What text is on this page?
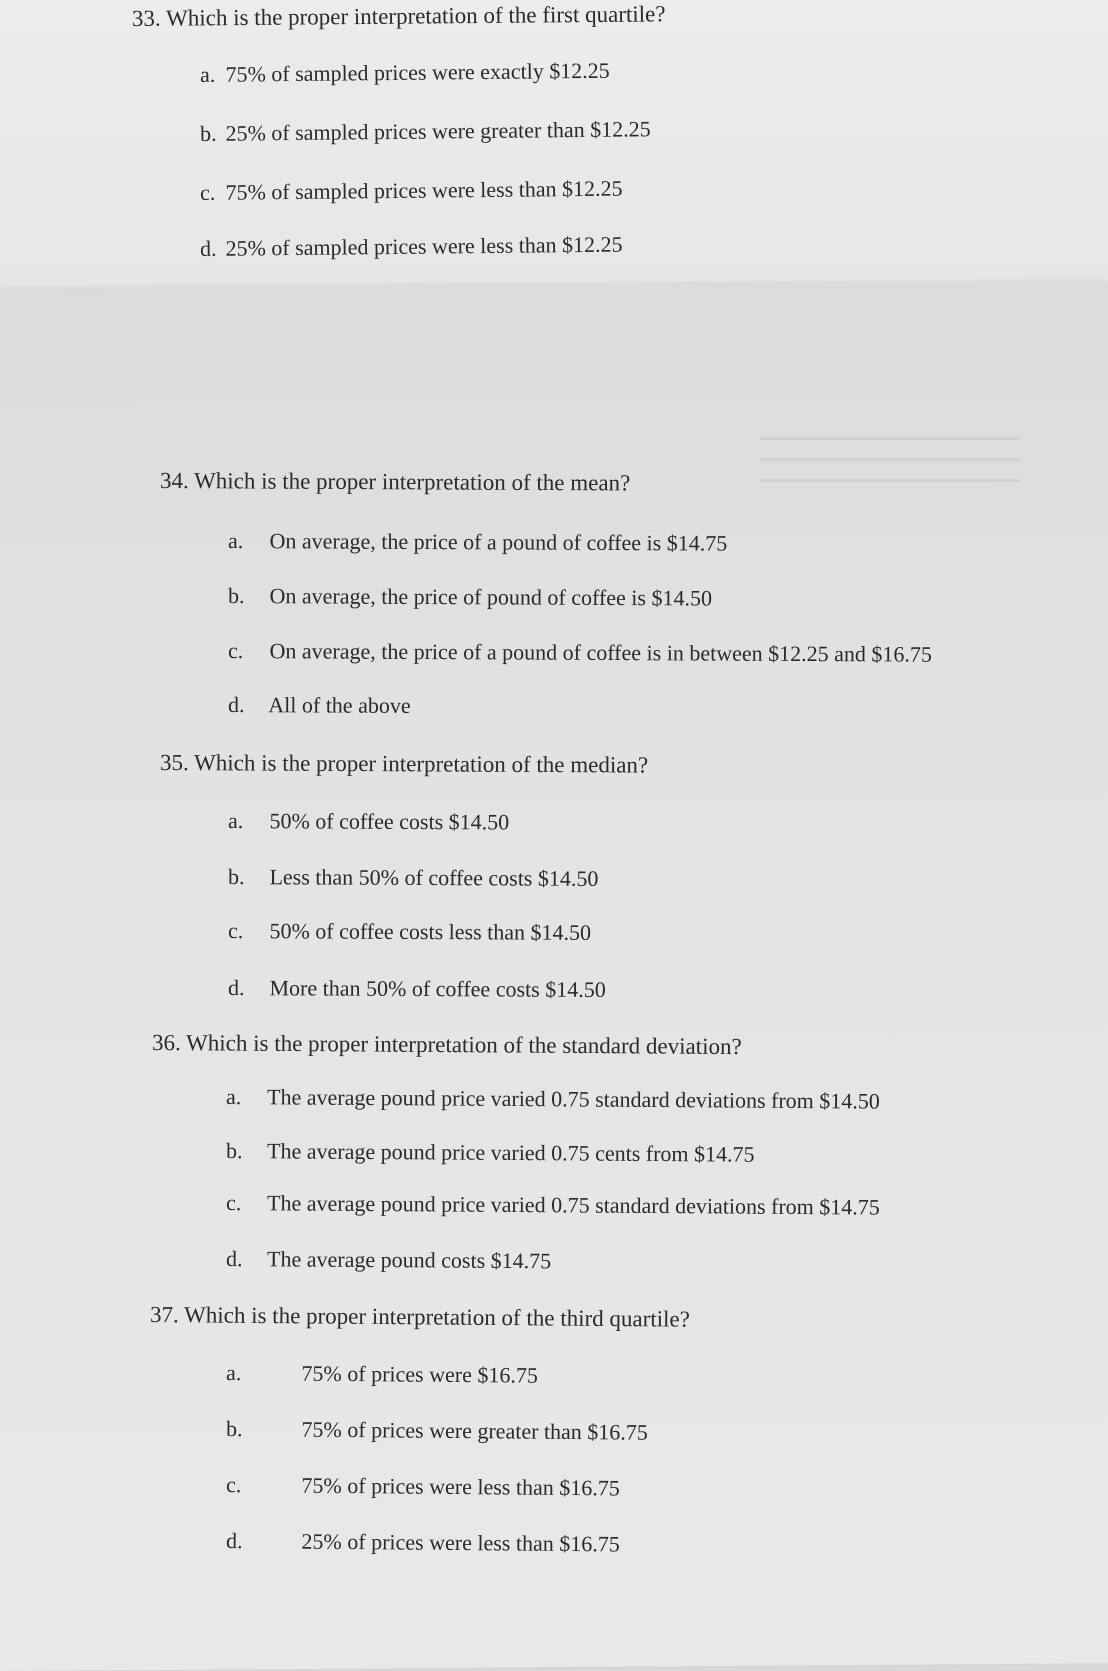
33. Which is the proper interpretation of the first quartile?
a. 75% of sampled prices were exactly $12.25
b. 25% of sampled prices were greater than $12.25
c. 75% of sampled prices were less than $12.25
d. 25% of sampled prices were less than $12.25
34. Which is the proper interpretation of the mean?
a. On average, the price of a pound of coffee is $14.75
b. On average, the price of pound of coffee is $14.50
c. On average, the price of a pound of coffee is in between $12.25 and $16.75
d. All of the above
35. Which is the proper interpretation of the median?
a. 50% of coffee costs $14.50
b. Less than 50% of coffee costs $14.50
c. 50% of coffee costs less than $14.50
d. More than 50% of coffee costs $14.50
36. Which is the proper interpretation of the standard deviation?
a. The average pound price varied 0.75 standard deviations from $14.50
b. The average pound price varied 0.75 cents from $14.75
c. The average pound price varied 0.75 standard deviations from $14.75
d. The average pound costs $14.75
37. Which is the proper interpretation of the third quartile?
a.	75% of prices were $16.75
b.	75% of prices were greater than $16.75
c.	75% of prices were less than $16.75
d.	25% of prices were less than $16.75
